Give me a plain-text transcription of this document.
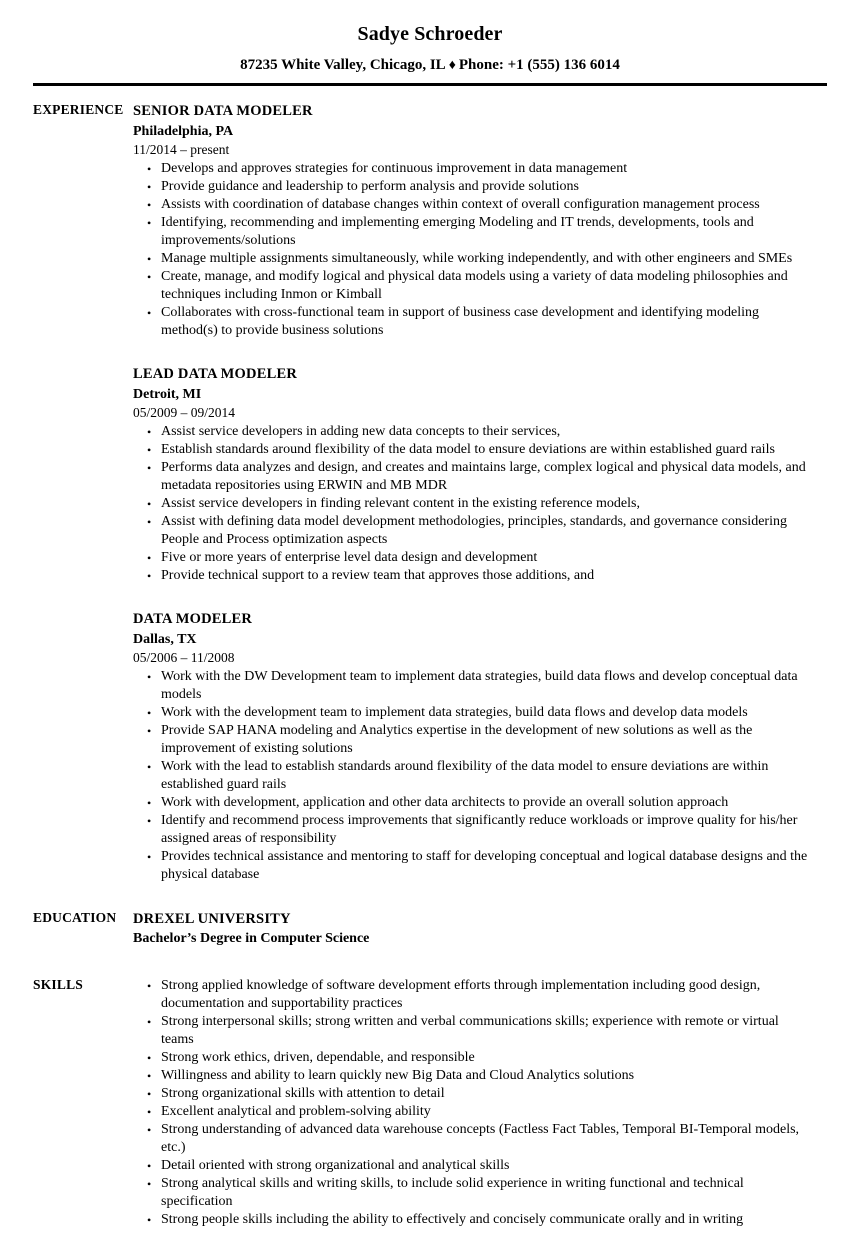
Sadye Schroeder
87235 White Valley, Chicago, IL ♦ Phone: +1 (555) 136 6014
EXPERIENCE SENIOR DATA MODELER
Philadelphia, PA
11/2014 – present
• Develops and approves strategies for continuous improvement in data management
• Provide guidance and leadership to perform analysis and provide solutions
• Assists with coordination of database changes within context of overall configuration management process
• Identifying, recommending and implementing emerging Modeling and IT trends, developments, tools and improvements/solutions
• Manage multiple assignments simultaneously, while working independently, and with other engineers and SMEs
• Create, manage, and modify logical and physical data models using a variety of data modeling philosophies and techniques including Inmon or Kimball
• Collaborates with cross-functional team in support of business case development and identifying modeling method(s) to provide business solutions
LEAD DATA MODELER
Detroit, MI
05/2009 – 09/2014
• Assist service developers in adding new data concepts to their services,
• Establish standards around flexibility of the data model to ensure deviations are within established guard rails
• Performs data analyzes and design, and creates and maintains large, complex logical and physical data models, and metadata repositories using ERWIN and MB MDR
• Assist service developers in finding relevant content in the existing reference models,
• Assist with defining data model development methodologies, principles, standards, and governance considering People and Process optimization aspects
• Five or more years of enterprise level data design and development
• Provide technical support to a review team that approves those additions, and
DATA MODELER
Dallas, TX
05/2006 – 11/2008
• Work with the DW Development team to implement data strategies, build data flows and develop conceptual data models
• Work with the development team to implement data strategies, build data flows and develop data models
• Provide SAP HANA modeling and Analytics expertise in the development of new solutions as well as the improvement of existing solutions
• Work with the lead to establish standards around flexibility of the data model to ensure deviations are within established guard rails
• Work with development, application and other data architects to provide an overall solution approach
• Identify and recommend process improvements that significantly reduce workloads or improve quality for his/her assigned areas of responsibility
• Provides technical assistance and mentoring to staff for developing conceptual and logical database designs and the physical database
EDUCATION	DREXEL UNIVERSITY
Bachelor’s Degree in Computer Science
SKILLS	• Strong applied knowledge of software development efforts through implementation including good design, documentation and supportability practices
• Strong interpersonal skills; strong written and verbal communications skills; experience with remote or virtual teams
• Strong work ethics, driven, dependable, and responsible
• Willingness and ability to learn quickly new Big Data and Cloud Analytics solutions
• Strong organizational skills with attention to detail
• Excellent analytical and problem-solving ability
• Strong understanding of advanced data warehouse concepts (Factless Fact Tables, Temporal BI-Temporal models, etc.)
• Detail oriented with strong organizational and analytical skills
• Strong analytical skills and writing skills, to include solid experience in writing functional and technical specification
• Strong people skills including the ability to effectively and concisely communicate orally and in writing
